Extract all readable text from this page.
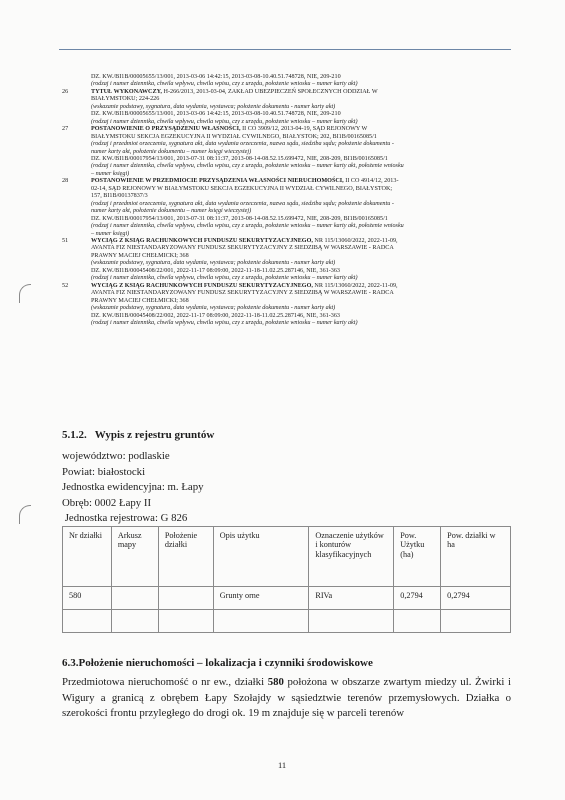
DZ. KW./BI1B/00005655/13/001, 2013-03-06 14:42:15, 2013-03-08-10.40.51.748728, NIE, 209-210
(rodzaj i numer dziennika, chwila wpływu, chwila wpisu, czy z urzędu, położenie wniosku – numer karty akt)
26	TYTUŁ WYKONAWCZY, H-266/2013, 2013-03-04, ZAKŁAD UBEZPIECZEŃ SPOŁECZNYCH ODDZIAŁ W
BIAŁYMSTOKU; 224-226
(wskazanie podstawy, sygnatura, data wydania, wystawca; położenie dokumentu - numer karty akt)
DZ. KW./BI1B/00005655/13/001, 2013-03-06 14:42:15, 2013-03-08-10.40.51.748728, NIE, 209-210
(rodzaj i numer dziennika, chwila wpływu, chwila wpisu, czy z urzędu, położenie wniosku – numer karty akt)
27	POSTANOWIENIE O PRZYSĄDZENIU WŁASNOŚCI, II CO 3909/12, 2013-04-19, SĄD REJONOWY W
BIAŁYMSTOKU SEKCJA EGZEKUCYJNA II WYDZIAŁ CYWILNEGO, BIAŁYSTOK; 202, BI1B/00165085/1
(rodzaj i przedmiot orzeczenia, sygnatura akt, data wydania orzeczenia, nazwa sądu, siedziba sądu; położenie dokumentu -
numer karty akt, położenie dokumentu – numer księgi wieczystej)
DZ. KW./BI1B/00017954/13/001, 2013-07-31 08:11:37, 2013-08-14-08.52.15.699472, NIE, 208-209, BI1B/00165085/1
(rodzaj i numer dziennika, chwila wpływu, chwila wpisu, czy z urzędu, położenie wniosku – numer karty akt, położenie wniosku
– numer księgi)
28	POSTANOWIENIE W PRZEDMIOCIE PRZYSĄDZENIA WŁASNOŚCI NIERUCHOMOŚCI, II CO 4914/12, 2013-
02-14, SĄD REJONOWY W BIAŁYMSTOKU SEKCJA EGZEKUCYJNA II WYDZIAŁ CYWILNEGO, BIAŁYSTOK;
157, BI1B/00137837/3
(rodzaj i przedmiot orzeczenia, sygnatura akt, data wydania orzeczenia, nazwa sądu, siedziba sądu; położenie dokumentu -
numer karty akt, położenie dokumentu – numer księgi wieczystej)
DZ. KW./BI1B/00017954/13/001, 2013-07-31 08:11:37, 2013-08-14-08.52.15.699472, NIE, 208-209, BI1B/00165085/1
(rodzaj i numer dziennika, chwila wpływu, chwila wpisu, czy z urzędu, położenie wniosku – numer karty akt, położenie wniosku
– numer księgi)
51	WYCIĄG Z KSIĄG RACHUNKOWYCH FUNDUSZU SEKURYTYZACYJNEGO, NR 115/13060/2022, 2022-11-09,
AVANTA FIZ NIESTANDARYZOWANY FUNDUSZ SEKURYTYZACYJNY Z SIEDZIBĄ W WARSZAWIE - RADCA
PRAWNY MACIEJ CHEŁMICKI; 368
(wskazanie podstawy, sygnatura, data wydania, wystawca; położenie dokumentu - numer karty akt)
DZ. KW./BI1B/00045408/22/001, 2022-11-17 08:09:00, 2022-11-18-11.02.25.287146, NIE, 361-363
(rodzaj i numer dziennika, chwila wpływu, chwila wpisu, czy z urzędu, położenie wniosku – numer karty akt)
52	WYCIĄG Z KSIĄG RACHUNKOWYCH FUNDUSZU SEKURYTYZACYJNEGO, NR 115/13060/2022, 2022-11-09,
AVANTA FIZ NIESTANDARYZOWANY FUNDUSZ SEKURYTYZACYJNY Z SIEDZIBĄ W WARSZAWIE - RADCA
PRAWNY MACIEJ CHEŁMICKI; 368
(wskazanie podstawy, sygnatura, data wydania, wystawca; położenie dokumentu - numer karty akt)
DZ. KW./BI1B/00045408/22/002, 2022-11-17 08:09:00, 2022-11-18-11.02.25.287146, NIE, 361-363
(rodzaj i numer dziennika, chwila wpływu, chwila wpisu, czy z urzędu, położenie wniosku – numer karty akt)
5.1.2.   Wypis z rejestru gruntów
województwo: podlaskie
Powiat: białostocki
Jednostka ewidencyjna: m. Łapy
Obręb: 0002 Łapy II
Jednostka rejestrowa: G 826
Nr działki	Arkusz mapy	Położenie działki	Opis użytku	Oznaczenie użytków i konturów klasyfikacyjnych	Pow. Użytku (ha)	Pow. działki w ha
580			Grunty orne	RIVa	0,2794	0,2794

6.3.Położenie nieruchomości – lokalizacja i czynniki środowiskowe
Przedmiotowa nieruchomość o nr ew., działki 580 położona w obszarze zwartym miedzy ul. Żwirki i Wigury a granicą z obrębem Łapy Szołajdy w sąsiedztwie terenów przemysłowych. Działka o szerokości frontu przyległego do drogi ok. 19 m znajduje się w parceli terenów
11
